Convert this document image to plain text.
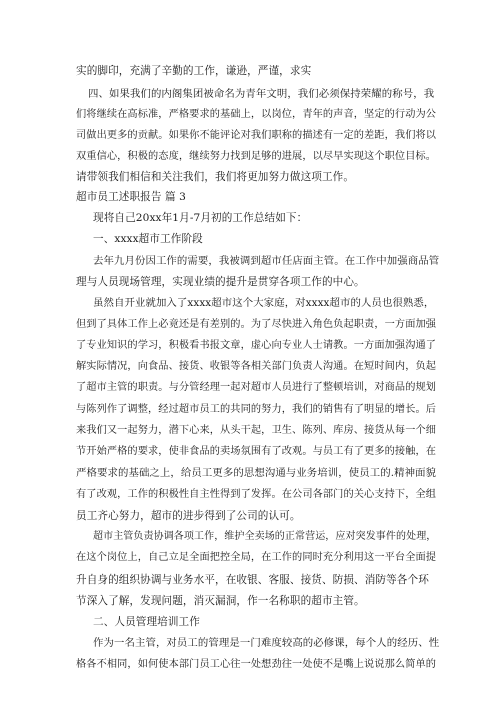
实的脚印，充满了辛勤的工作，谦逊，严谨，求实
四、如果我们的内阁集团被命名为青年文明，我们必须保持荣耀的称号，我
们将继续在高标准，严格要求的基础上，以岗位，青年的声音，坚定的行动为公
司做出更多的贡献。如果你不能评论对我们职称的描述有一定的差距，我们将以
双重信心，积极的态度，继续努力找到足够的进展，以尽早实现这个职位目标。
请带领我们相信和关注我们，我们将更加努力做这项工作。
超市员工述职报告 篇 3
现将自己20xx年1月-7月初的工作总结如下：
一、xxxx超市工作阶段
去年九月份因工作的需要，我被调到超市任店面主管。在工作中加强商品管
理与人员现场管理，实现业绩的提升是贯穿各项工作的中心。
虽然自开业就加入了xxxx超市这个大家庭，对xxxx超市的人员也很熟悉，
但到了具体工作上必竟还是有差别的。为了尽快进入角色负起职责，一方面加强
了专业知识的学习，积极看书报文章，虚心向专业人士请教。一方面加强沟通了
解实际情况，向食品、接货、收银等各相关部门负责人沟通。在短时间内，负起
了超市主管的职责。与分管经理一起对超市人员进行了整顿培训，对商品的规划
与陈列作了调整，经过超市员工的共同的努力，我们的销售有了明显的增长。后
来我们又一起努力，潜下心来，从头干起，卫生、陈列、库房、接货从每一个细
节开始严格的要求，使非食品的卖场氛围有了改观。与员工有了更多的接触，在
严格要求的基础之上，给员工更多的思想沟通与业务培训，使员工的.精神面貌
有了改观，工作的积极性自主性得到了发挥。在公司各部门的关心支持下，全组
员工齐心努力，超市的进步得到了公司的认可。
超市主管负责协调各项工作，维护全卖场的正常营运，应对突发事件的处理，
在这个岗位上，自己立足全面把控全局，在工作的同时充分利用这一平台全面提
升自身的组织协调与业务水平，在收银、客服、接货、防损、消防等各个环
节深入了解，发现问题，消灭漏洞，作一名称职的超市主管。
二、人员管理培训工作
作为一名主管，对员工的管理是一门难度较高的必修课，每个人的经历、性
格各不相同，如何使本部门员工心往一处想劲往一处使不是嘴上说说那么简单的
